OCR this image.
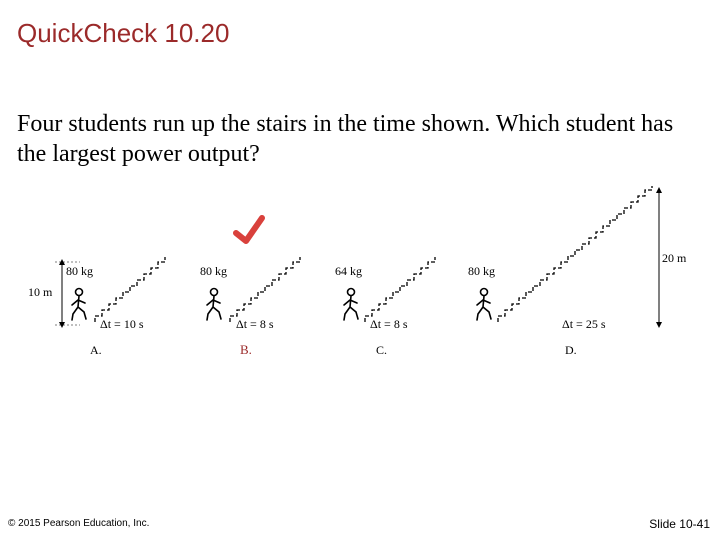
QuickCheck 10.20
Four students run up the stairs in the time shown. Which student has the largest power output?
10 m
20 m
80 kg	80 kg	64 kg	80 kg
Δt = 10 s	Δt = 8 s	Δt = 8 s	Δt = 25 s
A.	C.	D.
B.
© 2015 Pearson Education, Inc.	Slide 10-41
